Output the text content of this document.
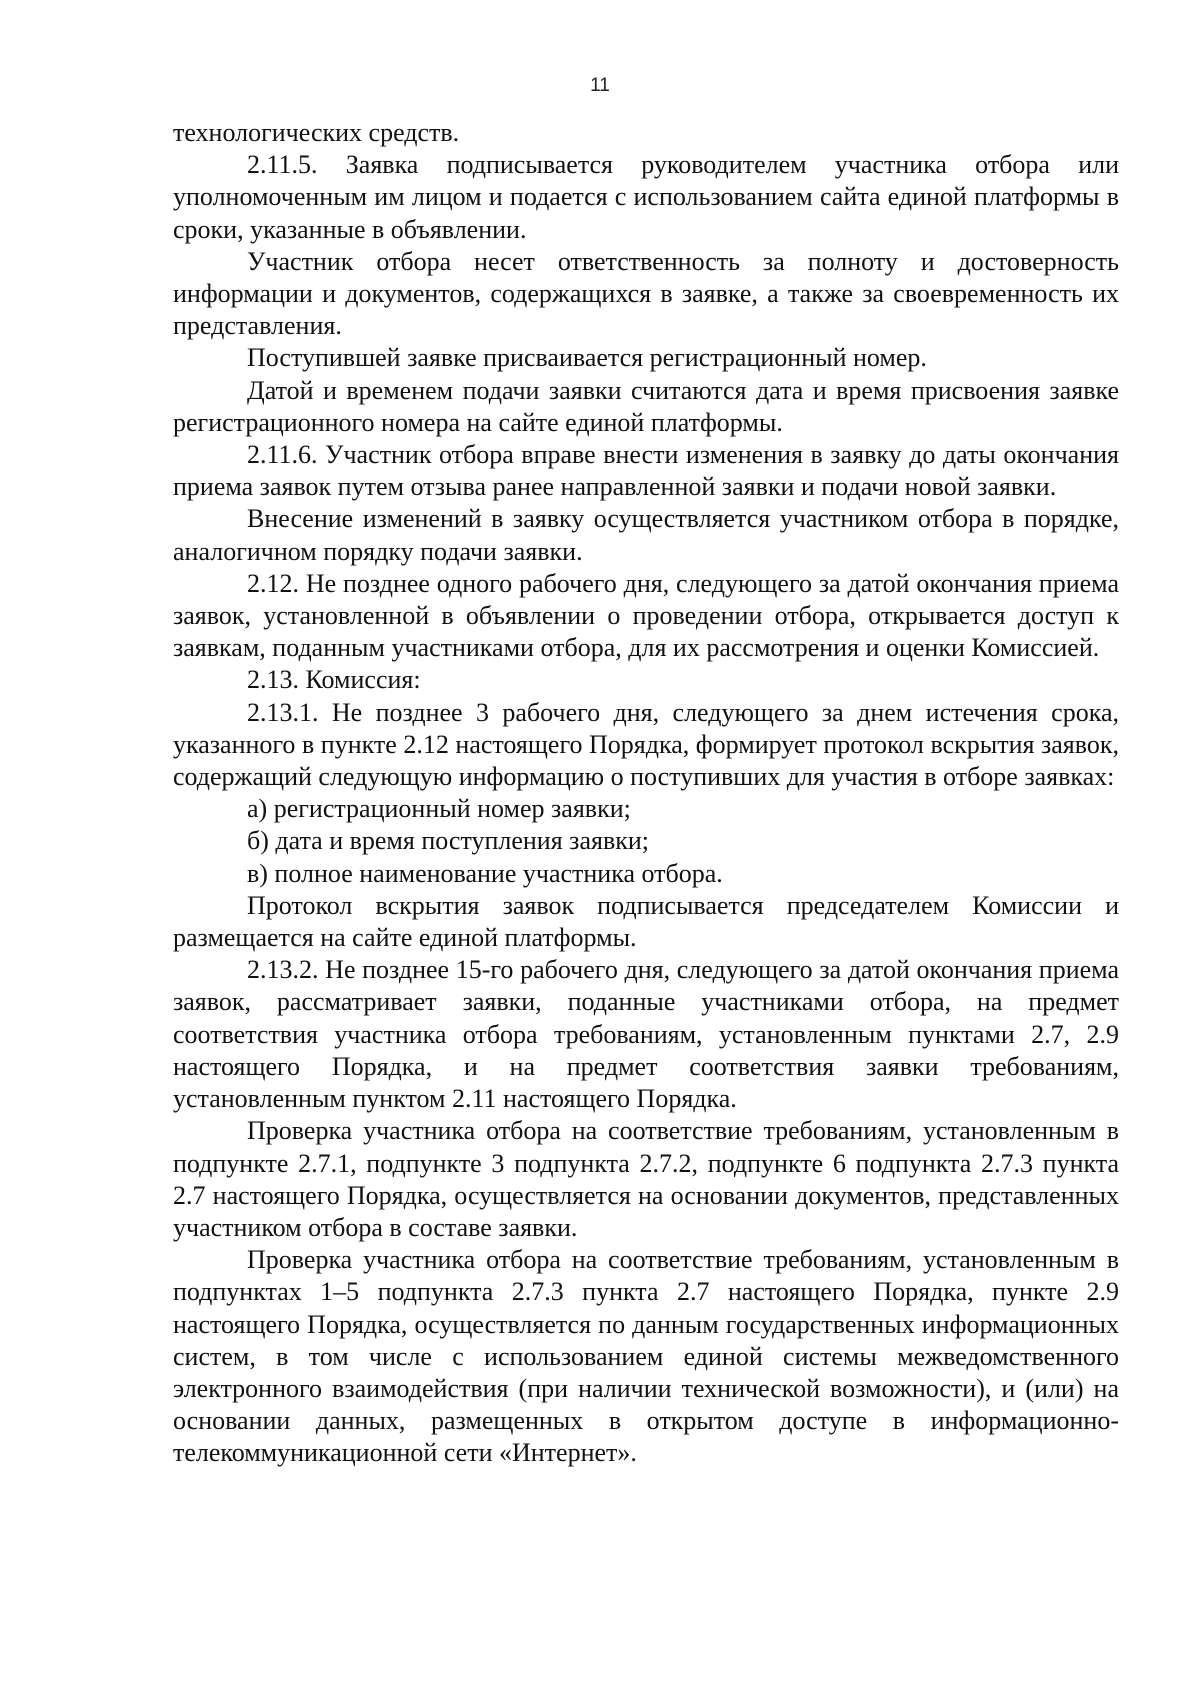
11

технологических средств.

2.11.5. Заявка подписывается руководителем участника отбора или уполномоченным им лицом и подается с использованием сайта единой платформы в сроки, указанные в объявлении.

Участник отбора несет ответственность за полноту и достоверность информации и документов, содержащихся в заявке, а также за своевременность их представления.

Поступившей заявке присваивается регистрационный номер.

Датой и временем подачи заявки считаются дата и время присвоения заявке регистрационного номера на сайте единой платформы.

2.11.6. Участник отбора вправе внести изменения в заявку до даты окончания приема заявок путем отзыва ранее направленной заявки и подачи новой заявки.

Внесение изменений в заявку осуществляется участником отбора в порядке, аналогичном порядку подачи заявки.

2.12. Не позднее одного рабочего дня, следующего за датой окончания приема заявок, установленной в объявлении о проведении отбора, открывается доступ к заявкам, поданным участниками отбора, для их рассмотрения и оценки Комиссией.

2.13. Комиссия:

2.13.1. Не позднее 3 рабочего дня, следующего за днем истечения срока, указанного в пункте 2.12 настоящего Порядка, формирует протокол вскрытия заявок, содержащий следующую информацию о поступивших для участия в отборе заявках:

а) регистрационный номер заявки;

б) дата и время поступления заявки;

в) полное наименование участника отбора.

Протокол вскрытия заявок подписывается председателем Комиссии и размещается на сайте единой платформы.

2.13.2. Не позднее 15-го рабочего дня, следующего за датой окончания приема заявок, рассматривает заявки, поданные участниками отбора, на предмет соответствия участника отбора требованиям, установленным пунктами 2.7, 2.9 настоящего Порядка, и на предмет соответствия заявки требованиям, установленным пунктом 2.11 настоящего Порядка.

Проверка участника отбора на соответствие требованиям, установленным в подпункте 2.7.1, подпункте 3 подпункта 2.7.2, подпункте 6 подпункта 2.7.3 пункта 2.7 настоящего Порядка, осуществляется на основании документов, представленных участником отбора в составе заявки.

Проверка участника отбора на соответствие требованиям, установленным в подпунктах 1–5 подпункта 2.7.3 пункта 2.7 настоящего Порядка, пункте 2.9 настоящего Порядка, осуществляется по данным государственных информационных систем, в том числе с использованием единой системы межведомственного электронного взаимодействия (при наличии технической возможности), и (или) на основании данных, размещенных в открытом доступе в информационно-телекоммуникационной сети «Интернет».
